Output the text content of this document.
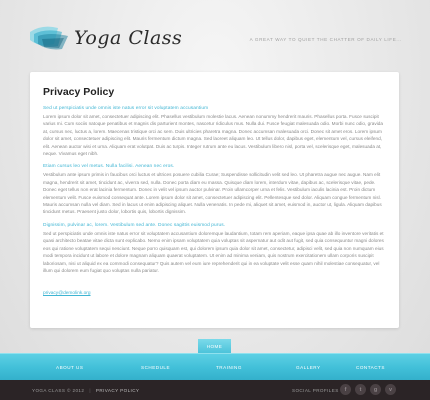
Yoga Class	A GREAT WAY TO QUIET THE CHATTER OF DAILY LIFE...
Privacy Policy
Sed ut perspiciatis unde omnis iste natus error sit voluptatem accusantium
Lorem ipsum dolor sit amet, consectetuer adipiscing elit. Phasellus vestibulum molestie lacus. Aenean nonummy hendrerit mauris. Phasellus porta. Fusce suscipit varius mi. Cum sociis natoque penatibus et magnis dis parturient montes, nascetur ridiculus mus. Nulla dui. Fusce feugiat malesuada odio. Morbi nunc odio, gravida at, cursus nec, luctus a, lorem. Maecenas tristique orci ac sem. Duis ultricies pharetra magna. Donec accumsan malesuada orci. Donec sit amet eros. Lorem ipsum dolor sit amet, consectetuer adipiscing elit. Mauris fermentum dictum magna. Sed laoreet aliquam leo. Ut tellus dolor, dapibus eget, elementum vel, cursus eleifend, elit. Aenean auctor wisi et urna. Aliquam erat volutpat. Duis ac turpis. Integer rutrum ante eu lacus. Vestibulum libero nisl, porta vel, scelerisque eget, malesuada at, neque. Vivamus eget nibh.
Etiam cursus leo vel metus. Nulla facilisi. Aenean nec eros.
Vestibulum ante ipsum primis in faucibus orci luctus et ultrices posuere cubilia Curae; Suspendisse sollicitudin velit sed leo. Ut pharetra augue nec augue. Nam elit magna, hendrerit sit amet, tincidunt ac, viverra sed, nulla. Donec porta diam eu massa. Quisque diam lorem, interdum vitae, dapibus ac, scelerisque vitae, pede. Donec eget tellus non erat lacinia fermentum. Donec in velit vel ipsum auctor pulvinar. Proin ullamcorper urna et felis. Vestibulum iaculis lacinia est. Proin dictum elementum velit. Fusce euismod consequat ante. Lorem ipsum dolor sit amet, consectetuer adipiscing elit. Pellentesque sed dolor. Aliquam congue fermentum nisl. Mauris accumsan nulla vel diam. Sed in lacus ut enim adipiscing aliquet. Nulla venenatis. In pede mi, aliquet sit amet, euismod in, auctor ut, ligula. Aliquam dapibus tincidunt metus. Praesent justo dolor, lobortis quis, lobortis dignissim.
Dignissim, pulvinar ac, lorem. Vestibulum sed ante. Donec sagittis euismod purus.
Sed ut perspiciatis unde omnis iste natus error sit voluptatem accusantium doloremque laudantium, totam rem aperiam, eaque ipsa quae ab illo inventore veritatis et quasi architecto beatae vitae dicta sunt explicabo. Nemo enim ipsam voluptatem quia voluptas sit aspernatur aut odit aut fugit, sed quia consequuntur magni dolores eos qui ratione voluptatem sequi nesciunt. Neque porro quisquam est, qui dolorem ipsum quia dolor sit amet, consectetur, adipisci velit, sed quia non numquam eius modi tempora incidunt ut labore et dolore magnam aliquam quaerat voluptatem. Ut enim ad minima veniam, quis nostrum exercitationem ullam corporis suscipit laboriosam, nisi ut aliquid ex ea commodi consequatur? Quis autem vel eum iure reprehenderit qui in ea voluptate velit esse quam nihil molestiae consequatur, vel illum qui dolorem eum fugiat quo voluptas nulla pariatur.
privacy@demolink.org
HOME
ABOUT US	SCHEDULE	TRAINING	GALLERY	CONTACTS
YOGA CLASS © 2012 | PRIVACY POLICY	SOCIAL PROFILES	f	t	g	v
